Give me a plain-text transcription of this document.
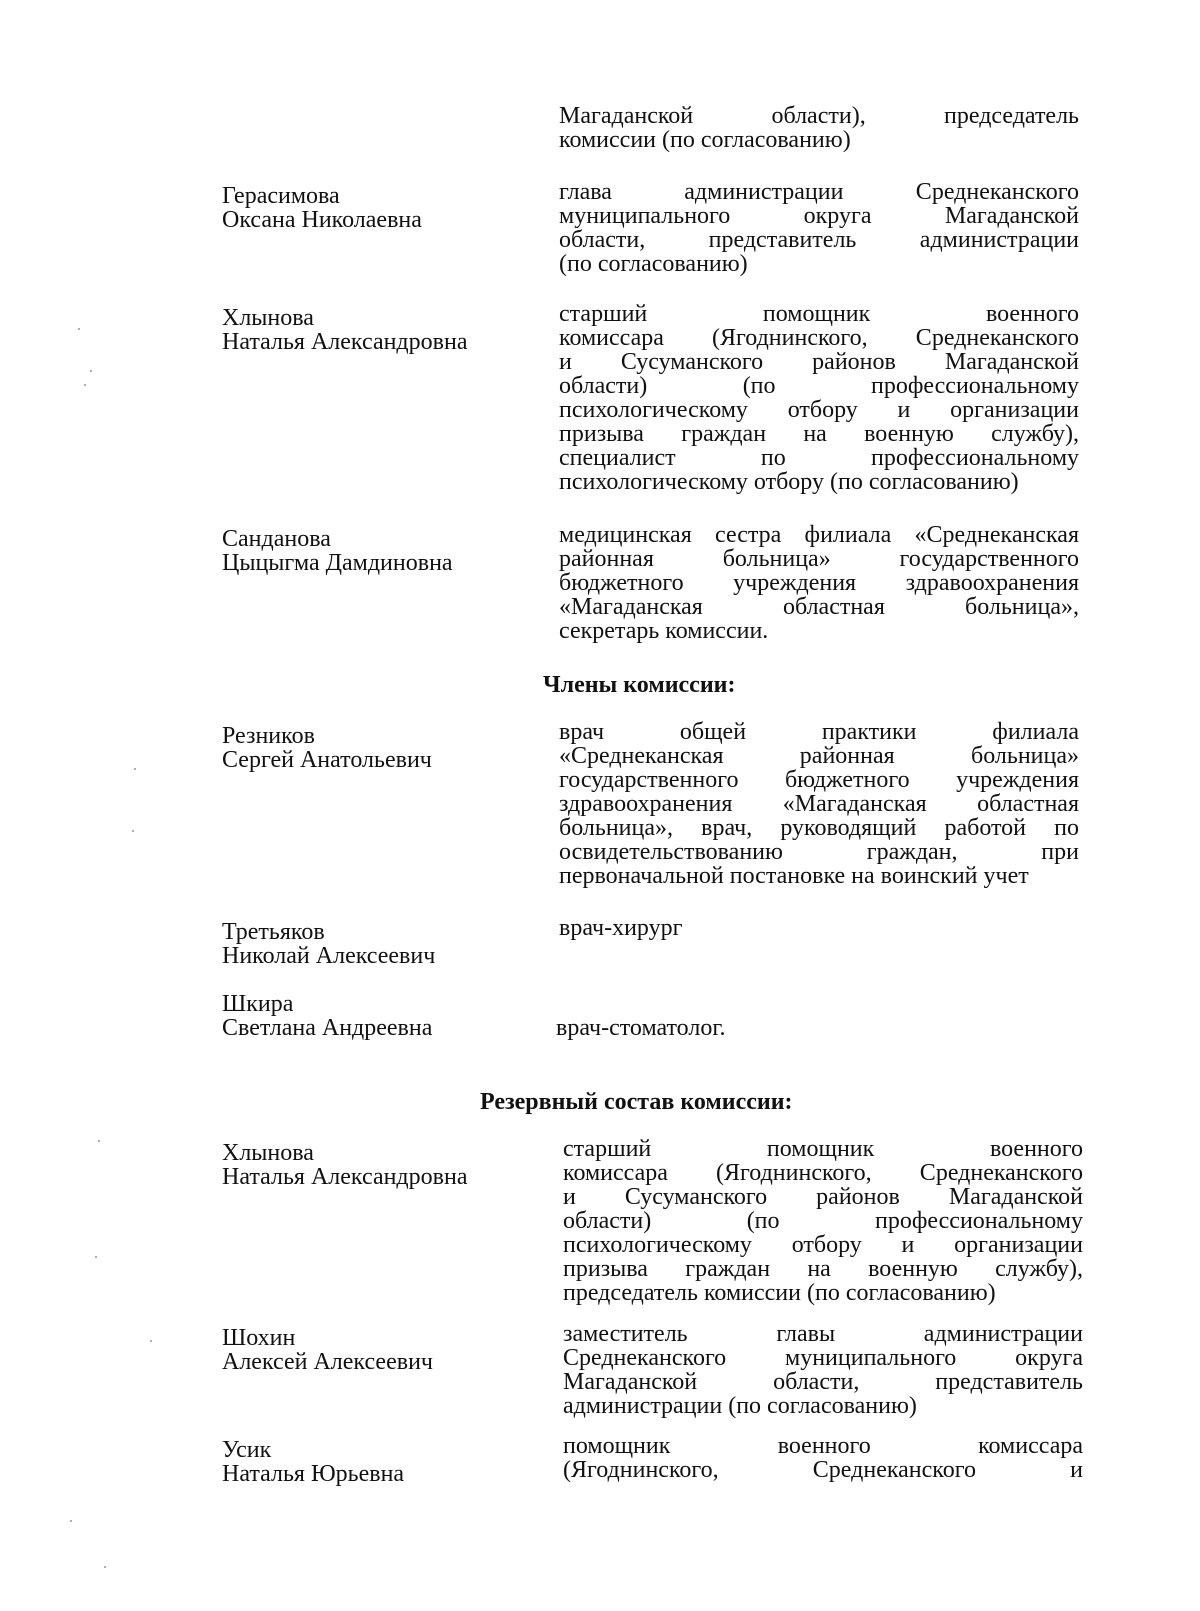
Магаданской области), председатель
комиссии (по согласованию)
Герасимова
Оксана Николаевна
глава администрации Среднеканского
муниципального округа Магаданской
области, представитель администрации
(по согласованию)
Хлынова
Наталья Александровна
старший помощник военного
комиссара (Ягоднинского, Среднеканского
и Сусуманского районов Магаданской
области) (по профессиональному
психологическому отбору и организации
призыва граждан на военную службу),
специалист по профессиональному
психологическому отбору (по согласованию)
Санданова
Цыцыгма Дамдиновна
медицинская сестра филиала «Среднеканская
районная больница» государственного
бюджетного учреждения здравоохранения
«Магаданская областная больница»,
секретарь комиссии.
Члены комиссии:
Резников
Сергей Анатольевич
врач общей практики филиала
«Среднеканская районная больница»
государственного бюджетного учреждения
здравоохранения «Магаданская областная
больница», врач, руководящий работой по
освидетельствованию граждан, при
первоначальной постановке на воинский учет
Третьяков
Николай Алексеевич
врач-хирург
Шкира
Светлана Андреевна	врач-стоматолог.
Резервный состав комиссии:
Хлынова
Наталья Александровна
старший помощник военного
комиссара (Ягоднинского, Среднеканского
и Сусуманского районов Магаданской
области) (по профессиональному
психологическому отбору и организации
призыва граждан на военную службу),
председатель комиссии (по согласованию)
Шохин
Алексей Алексеевич
заместитель главы администрации
Среднеканского муниципального округа
Магаданской области, представитель
администрации (по согласованию)
Усик
Наталья Юрьевна
помощник военного комиссара
(Ягоднинского, Среднеканского и
